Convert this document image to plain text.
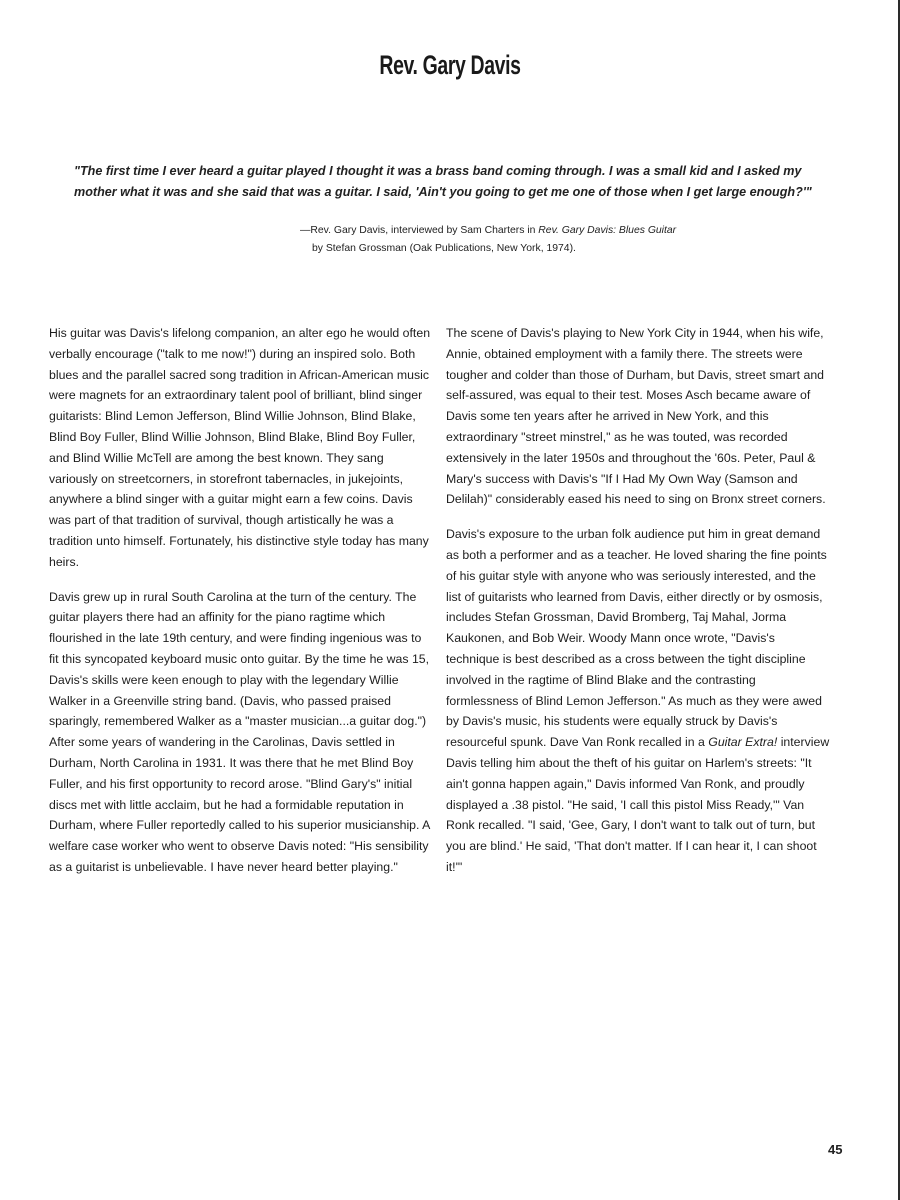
Rev. Gary Davis

"The first time I ever heard a guitar played I thought it was a brass band coming through. I was a small kid and I asked my mother what it was and she said that was a guitar. I said, 'Ain't you going to get me one of those when I get large enough?'"

—Rev. Gary Davis, interviewed by Sam Charters in Rev. Gary Davis: Blues Guitar
by Stefan Grossman (Oak Publications, New York, 1974).

His guitar was Davis's lifelong companion, an alter ego he would often verbally encourage ("talk to me now!") during an inspired solo. Both blues and the parallel sacred song tradition in African-American music were magnets for an extraordinary talent pool of brilliant, blind singer guitarists: Blind Lemon Jefferson, Blind Willie Johnson, Blind Blake, Blind Boy Fuller, Blind Willie Johnson, Blind Blake, Blind Boy Fuller, and Blind Willie McTell are among the best known. They sang variously on streetcorners, in storefront tabernacles, in jukejoints, anywhere a blind singer with a guitar might earn a few coins. Davis was part of that tradition of survival, though artistically he was a tradition unto himself. Fortunately, his distinctive style today has many heirs.

Davis grew up in rural South Carolina at the turn of the century. The guitar players there had an affinity for the piano ragtime which flourished in the late 19th century, and were finding ingenious was to fit this syncopated keyboard music onto guitar. By the time he was 15, Davis's skills were keen enough to play with the legendary Willie Walker in a Greenville string band. (Davis, who passed praised sparingly, remembered Walker as a "master musician...a guitar dog.") After some years of wandering in the Carolinas, Davis settled in Durham, North Carolina in 1931. It was there that he met Blind Boy Fuller, and his first opportunity to record arose. "Blind Gary's" initial discs met with little acclaim, but he had a formidable reputation in Durham, where Fuller reportedly called to his superior musicianship. A welfare case worker who went to observe Davis noted: "His sensibility as a guitarist is unbelievable. I have never heard better playing."

The scene of Davis's playing to New York City in 1944, when his wife, Annie, obtained employment with a family there. The streets were tougher and colder than those of Durham, but Davis, street smart and self-assured, was equal to their test. Moses Asch became aware of Davis some ten years after he arrived in New York, and this extraordinary "street minstrel," as he was touted, was recorded extensively in the later 1950s and throughout the '60s. Peter, Paul & Mary's success with Davis's "If I Had My Own Way (Samson and Delilah)" considerably eased his need to sing on Bronx street corners.

Davis's exposure to the urban folk audience put him in great demand as both a performer and as a teacher. He loved sharing the fine points of his guitar style with anyone who was seriously interested, and the list of guitarists who learned from Davis, either directly or by osmosis, includes Stefan Grossman, David Bromberg, Taj Mahal, Jorma Kaukonen, and Bob Weir. Woody Mann once wrote, "Davis's technique is best described as a cross between the tight discipline involved in the ragtime of Blind Blake and the contrasting formlessness of Blind Lemon Jefferson." As much as they were awed by Davis's music, his students were equally struck by Davis's resourceful spunk. Dave Van Ronk recalled in a Guitar Extra! interview Davis telling him about the theft of his guitar on Harlem's streets: "It ain't gonna happen again," Davis informed Van Ronk, and proudly displayed a .38 pistol. "He said, 'I call this pistol Miss Ready,'" Van Ronk recalled. "I said, 'Gee, Gary, I don't want to talk out of turn, but you are blind.' He said, 'That don't matter. If I can hear it, I can shoot it!'"

45
